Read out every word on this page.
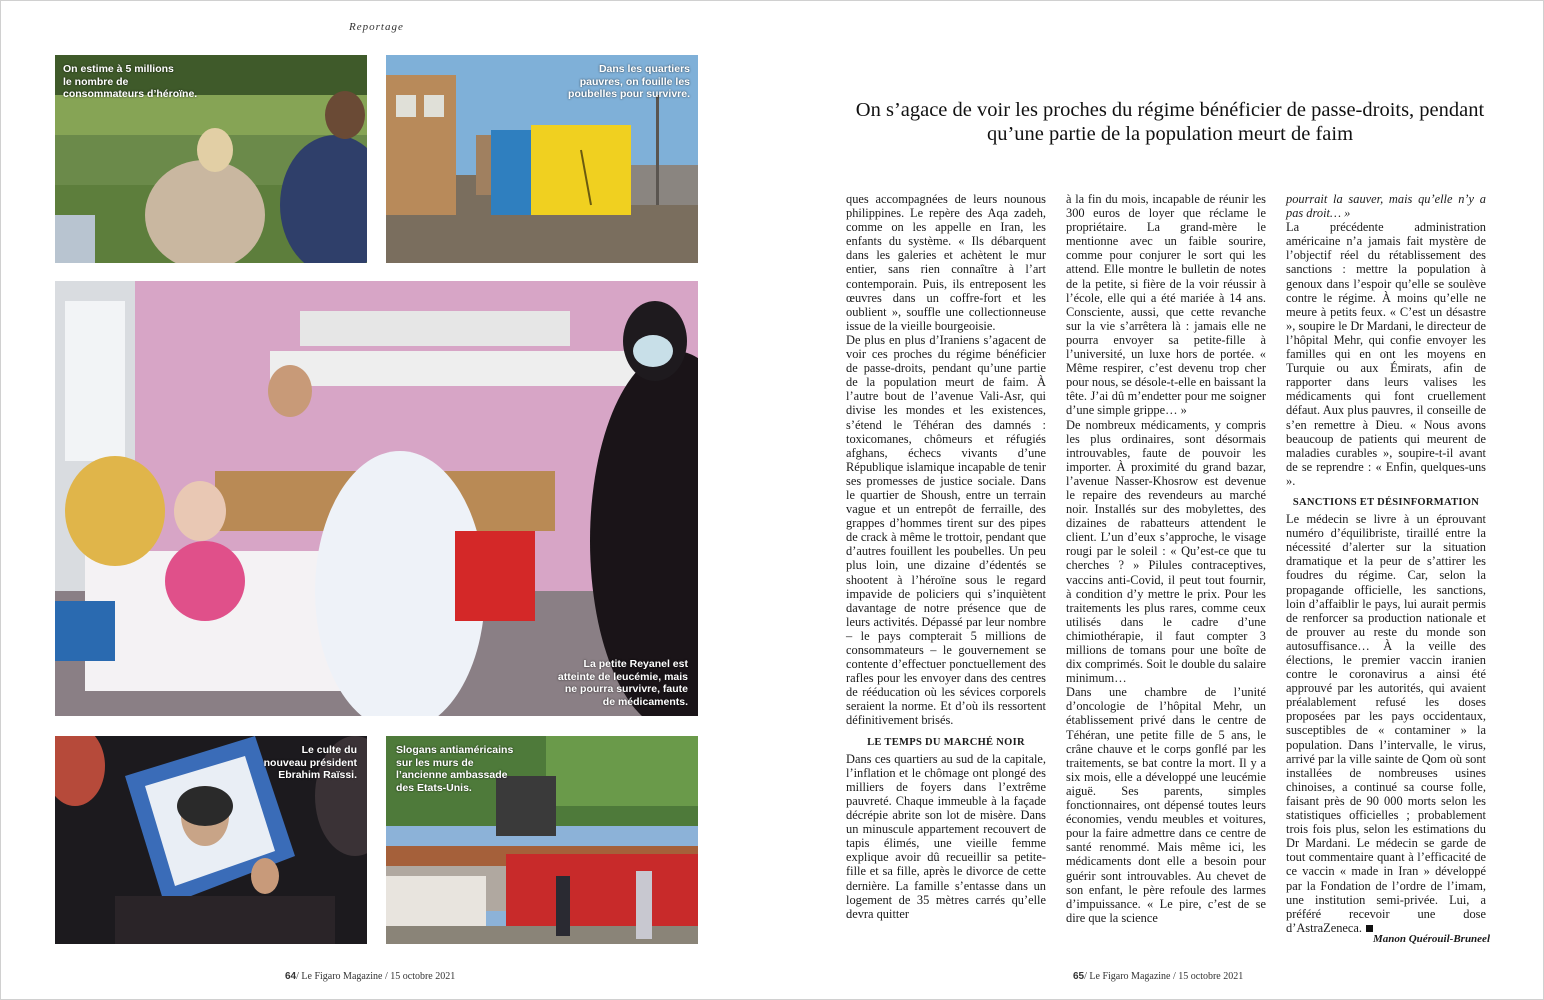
Reportage
On estime à 5 millions
le nombre de
consommateurs d’héroïne.
Dans les quartiers
pauvres, on fouille les
poubelles pour survivre.
La petite Reyanel est
atteinte de leucémie, mais
ne pourra survivre, faute
de médicaments.
Le culte du
nouveau président
Ebrahim Raïssi.
Slogans antiaméricains
sur les murs de
l’ancienne ambassade
des Etats-Unis.
64/ Le Figaro Magazine / 15 octobre 2021	65/ Le Figaro Magazine / 15 octobre 2021
On s’agace de voir les proches du régime bénéficier de passe-droits, pendant qu’une partie de la population meurt de faim

ques accompagnées de leurs nounous philippines. Le repère des Aqa zadeh, comme on les appelle en Iran, les enfants du système. « Ils débarquent dans les galeries et achètent le mur entier, sans rien connaître à l’art contemporain. Puis, ils entreposent les œuvres dans un coffre-fort et les oublient », souffle une collectionneuse issue de la vieille bourgeoisie.

De plus en plus d’Iraniens s’agacent de voir ces proches du régime bénéficier de passe-droits, pendant qu’une partie de la population meurt de faim. À l’autre bout de l’avenue Vali-Asr, qui divise les mondes et les existences, s’étend le Téhéran des damnés : toxicomanes, chômeurs et réfugiés afghans, échecs vivants d’une République islamique incapable de tenir ses promesses de justice sociale. Dans le quartier de Shoush, entre un terrain vague et un entrepôt de ferraille, des grappes d’hommes tirent sur des pipes de crack à même le trottoir, pendant que d’autres fouillent les poubelles. Un peu plus loin, une dizaine d’édentés se shootent à l’héroïne sous le regard impavide de policiers qui s’inquiètent davantage de notre présence que de leurs activités. Dépassé par leur nombre – le pays compterait 5 millions de consommateurs – le gouvernement se contente d’effectuer ponctuellement des rafles pour les envoyer dans des centres de rééducation où les sévices corporels seraient la norme. Et d’où ils ressortent définitivement brisés.

LE TEMPS DU MARCHÉ NOIR

Dans ces quartiers au sud de la capitale, l’inflation et le chômage ont plongé des milliers de foyers dans l’extrême pauvreté. Chaque immeuble à la façade décrépie abrite son lot de misère. Dans un minuscule appartement recouvert de tapis élimés, une vieille femme explique avoir dû recueillir sa petite-fille et sa fille, après le divorce de cette dernière. La famille s’entasse dans un logement de 35 mètres carrés qu’elle devra quitter

à la fin du mois, incapable de réunir les 300 euros de loyer que réclame le propriétaire. La grand-mère le mentionne avec un faible sourire, comme pour conjurer le sort qui les attend. Elle montre le bulletin de notes de la petite, si fière de la voir réussir à l’école, elle qui a été mariée à 14 ans. Consciente, aussi, que cette revanche sur la vie s’arrêtera là : jamais elle ne pourra envoyer sa petite-fille à l’université, un luxe hors de portée. « Même respirer, c’est devenu trop cher pour nous, se désole-t-elle en baissant la tête. J’ai dû m’endetter pour me soigner d’une simple grippe… »

De nombreux médicaments, y compris les plus ordinaires, sont désormais introuvables, faute de pouvoir les importer. À proximité du grand bazar, l’avenue Nasser-Khosrow est devenue le repaire des revendeurs au marché noir. Installés sur des mobylettes, des dizaines de rabatteurs attendent le client. L’un d’eux s’approche, le visage rougi par le soleil : « Qu’est-ce que tu cherches ? » Pilules contraceptives, vaccins anti-Covid, il peut tout fournir, à condition d’y mettre le prix. Pour les traitements les plus rares, comme ceux utilisés dans le cadre d’une chimiothérapie, il faut compter 3 millions de tomans pour une boîte de dix comprimés. Soit le double du salaire minimum…

Dans une chambre de l’unité d’oncologie de l’hôpital Mehr, un établissement privé dans le centre de Téhéran, une petite fille de 5 ans, le crâne chauve et le corps gonflé par les traitements, se bat contre la mort. Il y a six mois, elle a développé une leucémie aiguë. Ses parents, simples fonctionnaires, ont dépensé toutes leurs économies, vendu meubles et voitures, pour la faire admettre dans ce centre de santé renommé. Mais même ici, les médicaments dont elle a besoin pour guérir sont introuvables. Au chevet de son enfant, le père refoule des larmes d’impuissance. « Le pire, c’est de se dire que la science

pourrait la sauver, mais qu’elle n’y a pas droit… »

La précédente administration américaine n’a jamais fait mystère de l’objectif réel du rétablissement des sanctions : mettre la population à genoux dans l’espoir qu’elle se soulève contre le régime. À moins qu’elle ne meure à petits feux. « C’est un désastre », soupire le Dr Mardani, le directeur de l’hôpital Mehr, qui confie envoyer les familles qui en ont les moyens en Turquie ou aux Émirats, afin de rapporter dans leurs valises les médicaments qui font cruellement défaut. Aux plus pauvres, il conseille de s’en remettre à Dieu. « Nous avons beaucoup de patients qui meurent de maladies curables », soupire-t-il avant de se reprendre : « Enfin, quelques-uns ».

SANCTIONS ET DÉSINFORMATION

Le médecin se livre à un éprouvant numéro d’équilibriste, tiraillé entre la nécessité d’alerter sur la situation dramatique et la peur de s’attirer les foudres du régime. Car, selon la propagande officielle, les sanctions, loin d’affaiblir le pays, lui aurait permis de renforcer sa production nationale et de prouver au reste du monde son autosuffisance… À la veille des élections, le premier vaccin iranien contre le coronavirus a ainsi été approuvé par les autorités, qui avaient préalablement refusé les doses proposées par les pays occidentaux, susceptibles de « contaminer » la population. Dans l’intervalle, le virus, arrivé par la ville sainte de Qom où sont installées de nombreuses usines chinoises, a continué sa course folle, faisant près de 90 000 morts selon les statistiques officielles ; probablement trois fois plus, selon les estimations du Dr Mardani. Le médecin se garde de tout commentaire quant à l’efficacité de ce vaccin « made in Iran » développé par la Fondation de l’ordre de l’imam, une institution semi-privée. Lui, a préféré recevoir une dose d’AstraZeneca.

Manon Quérouil-Bruneel
